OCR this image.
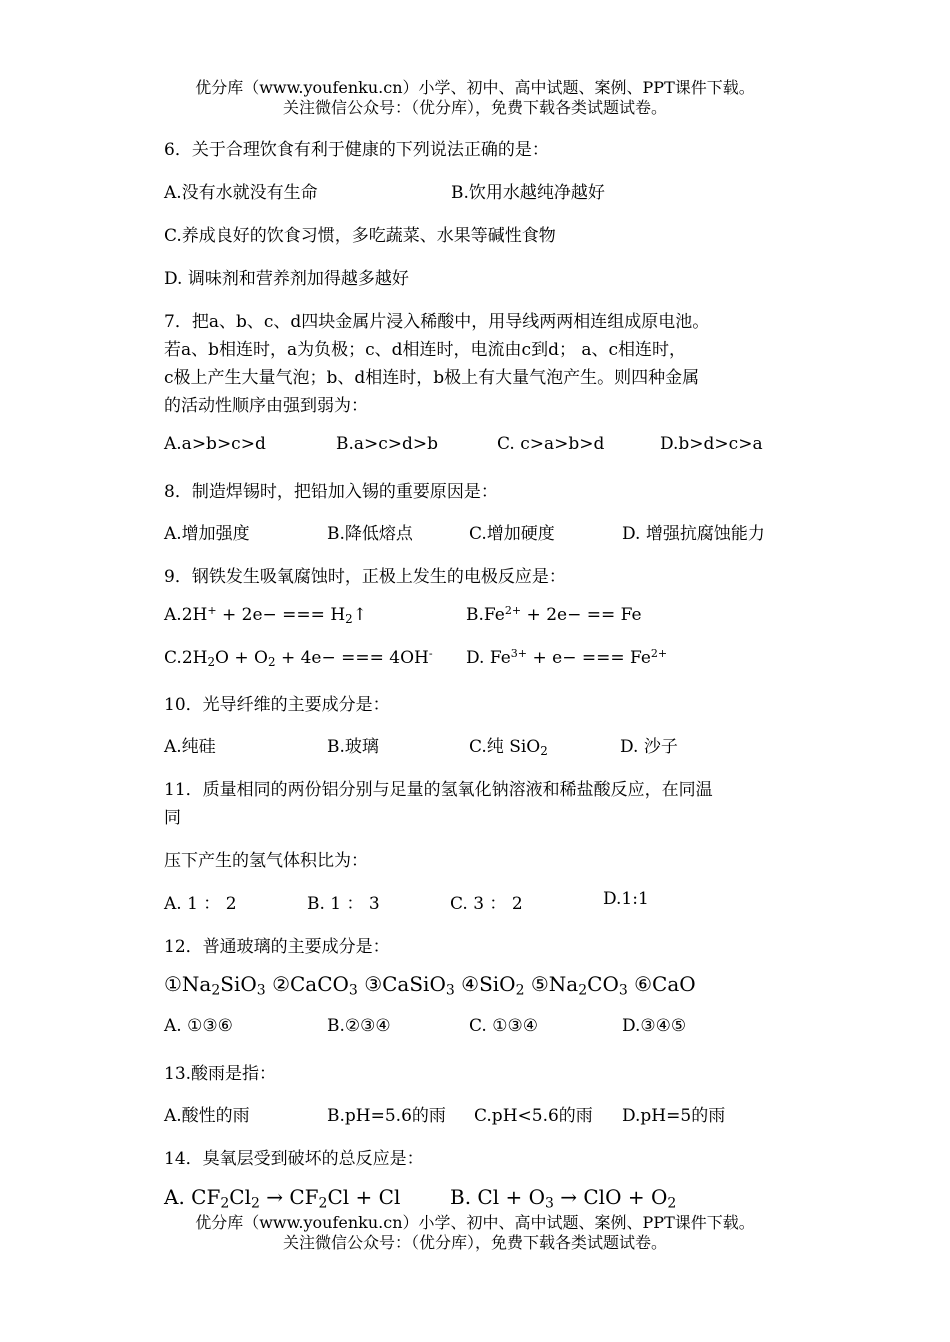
优分库（www.youfenku.cn）小学、初中、高中试题、案例、PPT课件下载。
关注微信公众号：（优分库），免费下载各类试题试卷。
6．关于合理饮食有利于健康的下列说法正确的是：
A.没有水就没有生命	B.饮用水越纯净越好
C.养成良好的饮食习惯，多吃蔬菜、水果等碱性食物
D. 调味剂和营养剂加得越多越好
7．把a、b、c、d四块金属片浸入稀酸中，用导线两两相连组成原电池。
若a、b相连时，a为负极；c、d相连时，电流由c到d； a、c相连时，
c极上产生大量气泡；b、d相连时，b极上有大量气泡产生。则四种金属
的活动性顺序由强到弱为：
A.a>b>c>d	B.a>c>d>b	C. c>a>b>d	D.b>d>c>a
8．制造焊锡时，把铅加入锡的重要原因是：
A.增加强度	B.降低熔点	C.增加硬度	D. 增强抗腐蚀能力
9．钢铁发生吸氧腐蚀时，正极上发生的电极反应是：
A.2H+ + 2e− === $H_2↑$	$B.Fe^{2+} + 2e- == Fe$
$C.2H_2O + O_2 + 4e-$ === 4OH- D. $Fe^{3+} + e-$ === $Fe^{2+}$
10．光导纤维的主要成分是：
A.纯硅	B.玻璃	C.纯 SiO$_2$	D. 沙子
11．质量相同的两份铝分别与足量的氢氧化钠溶液和稀盐酸反应，在同温
同
压下产生的氢气体积比为：
A. 1 ： 2	B. 1 ： 3	C. 3 ： 2	D.1:1
12．普通玻璃的主要成分是：
$①Na_2SiO_3$ ②CaCO$_3$ ③CaSiO$_3$ ④SiO$_2$ $⑤Na_2CO_3$ ⑥CaO
A. ①③⑥	B.②③④	C. ①③④	D.③④⑤
13.酸雨是指：
A.酸性的雨	B.pH=5.6的雨 C.pH<5.6的雨 D.pH=5的雨
14．臭氧层受到破坏的总反应是：
A. $CF_2Cl_2 \to CF_2Cl + Cl$ B. $Cl + O_3$ → ClO + $O_2$
优分库（www.youfenku.cn）小学、初中、高中试题、案例、PPT课件下载。
关注微信公众号：（优分库），免费下载各类试题试卷。
